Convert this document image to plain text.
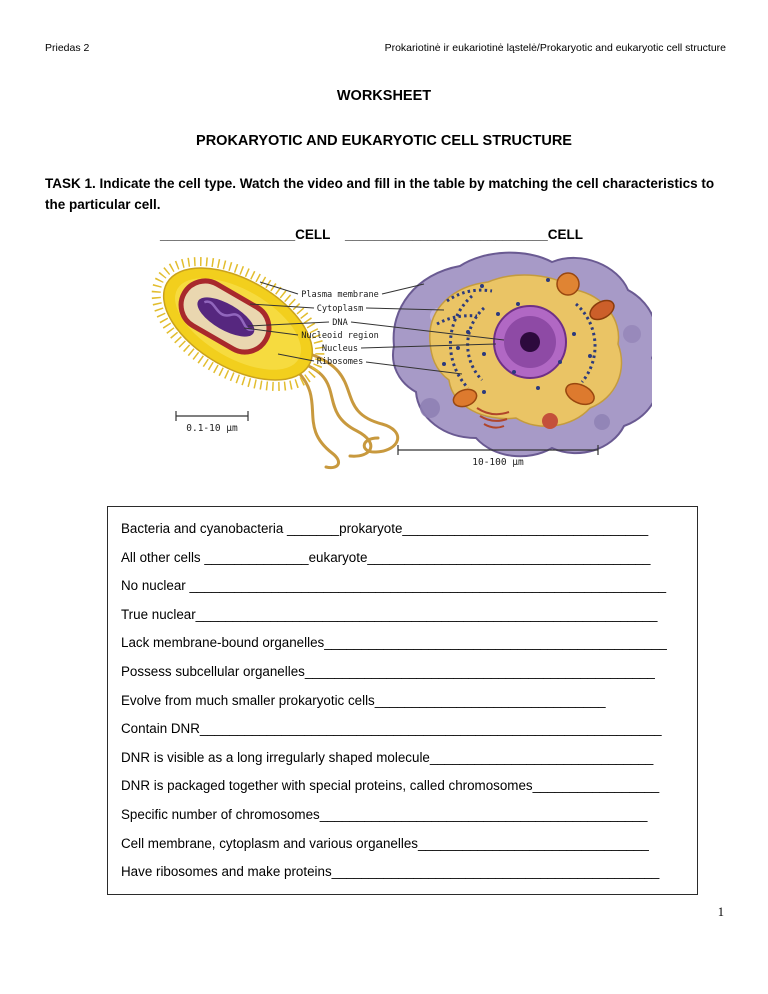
Priedas 2	Prokariotinė ir eukariotinė ląstelė/Prokaryotic and eukaryotic cell structure
WORKSHEET
PROKARYOTIC AND EUKARYOTIC CELL STRUCTURE
TASK 1. Indicate the cell type. Watch the video and fill in the table by matching the cell characteristics to the particular cell.
__________________CELL ___________________________CELL
Plasma membrane
Cytoplasm
DNA
Nucleoid region
Nucleus
Ribosomes
0.1-10 µm
10-100 µm
Bacteria and cyanobacteria _______prokaryote_________________________________
All other cells ______________eukaryote______________________________________
No nuclear ________________________________________________________________
True nuclear______________________________________________________________
Lack membrane-bound organelles______________________________________________
Possess subcellular organelles_______________________________________________
Evolve from much smaller prokaryotic cells_______________________________
Contain DNR______________________________________________________________
DNR is visible as a long irregularly shaped molecule______________________________
DNR is packaged together with special proteins, called chromosomes_________________
Specific number of chromosomes____________________________________________
Cell membrane, cytoplasm and various organelles_______________________________
Have ribosomes and make proteins____________________________________________
1
